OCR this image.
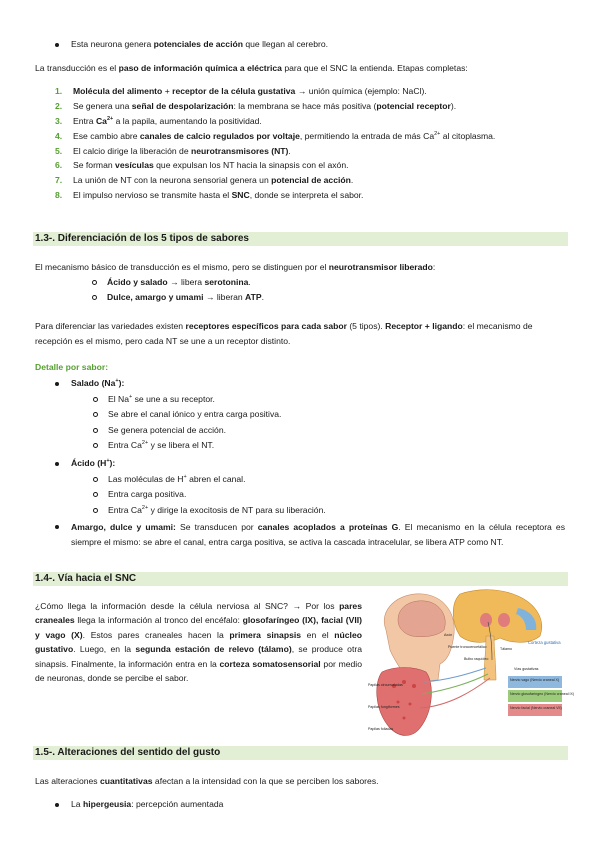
Esta neurona genera potenciales de acción que llegan al cerebro.

La transducción es el paso de información química a eléctrica para que el SNC la entienda. Etapas completas:

1. Molécula del alimento + receptor de la célula gustativa → unión química (ejemplo: NaCl).
2. Se genera una señal de despolarización: la membrana se hace más positiva (potencial receptor).
3. Entra $Ca^{2+}$ a la papila, aumentando la positividad.
4. Ese cambio abre canales de calcio regulados por voltaje, permitiendo la entrada de más $Ca^{2+}$ al citoplasma.
5. El calcio dirige la liberación de neurotransmisores (NT).
6. Se forman vesículas que expulsan los NT hacia la sinapsis con el axón.
7. La unión de NT con la neurona sensorial genera un potencial de acción.
8. El impulso nervioso se transmite hasta el SNC, donde se interpreta el sabor.
1.3-. Diferenciación de los 5 tipos de sabores

El mecanismo básico de transducción es el mismo, pero se distinguen por el neurotransmisor liberado:

Ácido y salado → libera serotonina.
Dulce, amargo y umami → liberan ATP.

Para diferenciar las variedades existen receptores específicos para cada sabor (5 tipos). Receptor + ligando: el mecanismo de recepción es el mismo, pero cada NT se une a un receptor distinto.

Detalle por sabor:
Salado (Na+):
El Na+ se une a su receptor.
Se abre el canal iónico y entra carga positiva.
Se genera potencial de acción.
Entra $Ca^{2+}$ y se libera el NT.
Ácido (H+):
Las moléculas de H+ abren el canal.
Entra carga positiva.
Entra $Ca^{2+}$ y dirige la exocitosis de NT para su liberación.
Amargo, dulce y umami: Se transducen por canales acoplados a proteínas G. El mecanismo en la célula receptora es siempre el mismo: se abre el canal, entra carga positiva, se activa la cascada intracelular, se libera ATP como NT.
1.4-. Vía hacia el SNC

¿Cómo llega la información desde la célula nerviosa al SNC? → Por los pares craneales llega la información al tronco del encéfalo: glosofaríngeo (IX), facial (VII) y vago (X). Estos pares craneales hacen la primera sinapsis en el núcleo gustativo. Luego, en la segunda estación de relevo (tálamo), se produce otra sinapsis. Finalmente, la información entra en la corteza somatosensorial por medio de neuronas, donde se percibe el sabor.	Nervio vago (Nervio craneal X)
Nervio glosofaríngeo (Nervio craneal IX)
Nervio facial (Nervio craneal VII)
Axón
Puente troncoencefálico
Bulbo raquídeo
Tálamo
Corteza gustativa
Vías gustativas
Papilas circunvaladas
Papilas fungiformes
Papilas foliadas
1.5-. Alteraciones del sentido del gusto

Las alteraciones cuantitativas afectan a la intensidad con la que se perciben los sabores.

La hipergeusia: percepción aumentada
